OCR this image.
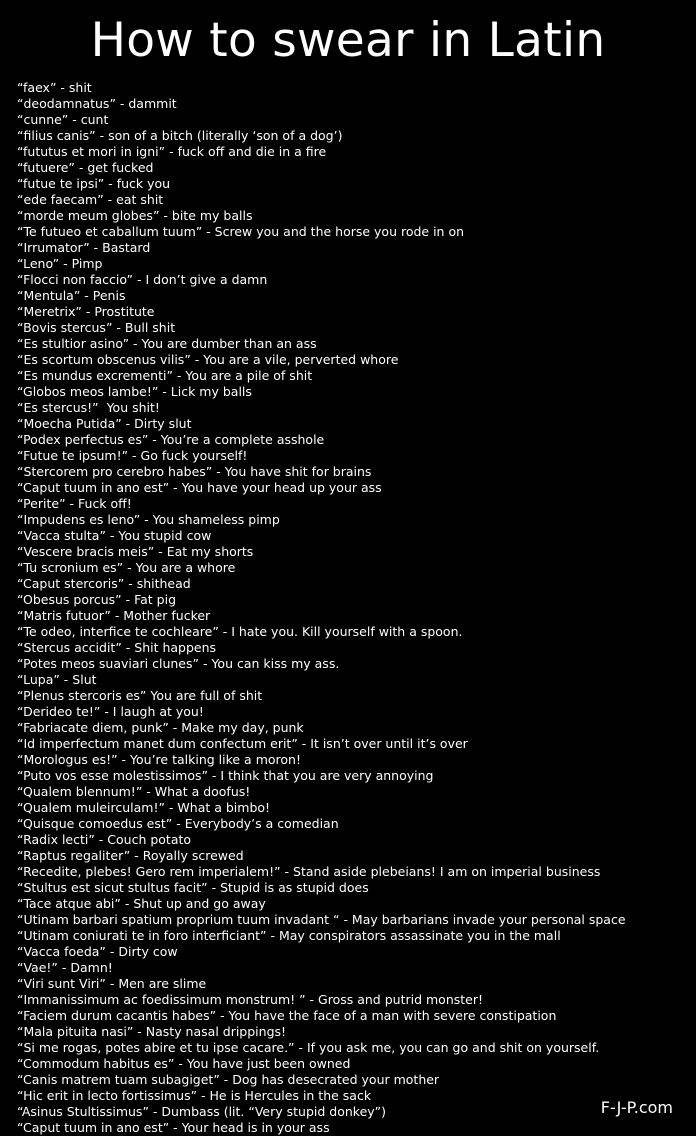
How to swear in Latin
“faex” - shit
“deodamnatus” - dammit
“cunne” - cunt
“filius canis” - son of a bitch (literally ‘son of a dog’)
“fututus et mori in igni” - fuck off and die in a fire
“futuere” - get fucked
“futue te ipsi” - fuck you
“ede faecam” - eat shit
“morde meum globes” - bite my balls
“Te futueo et caballum tuum” - Screw you and the horse you rode in on
“Irrumator” - Bastard
“Leno” - Pimp
“Flocci non faccio” - I don’t give a damn
“Mentula” - Penis
“Meretrix” - Prostitute
“Bovis stercus” - Bull shit
“Es stultior asino” - You are dumber than an ass
“Es scortum obscenus vilis” - You are a vile, perverted whore
“Es mundus excrementi” - You are a pile of shit
“Globos meos lambe!” - Lick my balls
“Es stercus!”  You shit!
“Moecha Putida” - Dirty slut
“Podex perfectus es” - You’re a complete asshole
“Futue te ipsum!” - Go fuck yourself!
“Stercorem pro cerebro habes” - You have shit for brains
“Caput tuum in ano est” - You have your head up your ass
“Perite” - Fuck off!
“Impudens es leno” - You shameless pimp
“Vacca stulta” - You stupid cow
“Vescere bracis meis” - Eat my shorts
“Tu scronium es” - You are a whore
“Caput stercoris” - shithead
“Obesus porcus” - Fat pig
“Matris futuor” - Mother fucker
“Te odeo, interfice te cochleare” - I hate you. Kill yourself with a spoon.
“Stercus accidit” - Shit happens
“Potes meos suaviari clunes” - You can kiss my ass.
“Lupa” - Slut
“Plenus stercoris es” You are full of shit
“Derideo te!” - I laugh at you!
“Fabriacate diem, punk” - Make my day, punk
“Id imperfectum manet dum confectum erit” - It isn’t over until it’s over
“Morologus es!” - You’re talking like a moron!
“Puto vos esse molestissimos” - I think that you are very annoying
“Qualem blennum!” - What a doofus!
“Qualem muleirculam!” - What a bimbo!
“Quisque comoedus est” - Everybody’s a comedian
“Radix lecti” - Couch potato
“Raptus regaliter” - Royally screwed
“Recedite, plebes! Gero rem imperialem!” - Stand aside plebeians! I am on imperial business
“Stultus est sicut stultus facit” - Stupid is as stupid does
“Tace atque abi” - Shut up and go away
“Utinam barbari spatium proprium tuum invadant “ - May barbarians invade your personal space
“Utinam coniurati te in foro interficiant” - May conspirators assassinate you in the mall
“Vacca foeda” - Dirty cow
“Vae!” - Damn!
“Viri sunt Viri” - Men are slime
“Immanissimum ac foedissimum monstrum! ” - Gross and putrid monster!
“Faciem durum cacantis habes” - You have the face of a man with severe constipation
“Mala pituita nasi” - Nasty nasal drippings!
“Si me rogas, potes abire et tu ipse cacare.” - If you ask me, you can go and shit on yourself.
“Commodum habitus es” - You have just been owned
“Canis matrem tuam subagiget” - Dog has desecrated your mother
“Hic erit in lecto fortissimus” - He is Hercules in the sack
“Asinus Stultissimus” - Dumbass (lit. “Very stupid donkey”)
“Caput tuum in ano est” - Your head is in your ass
F-J-P.com
